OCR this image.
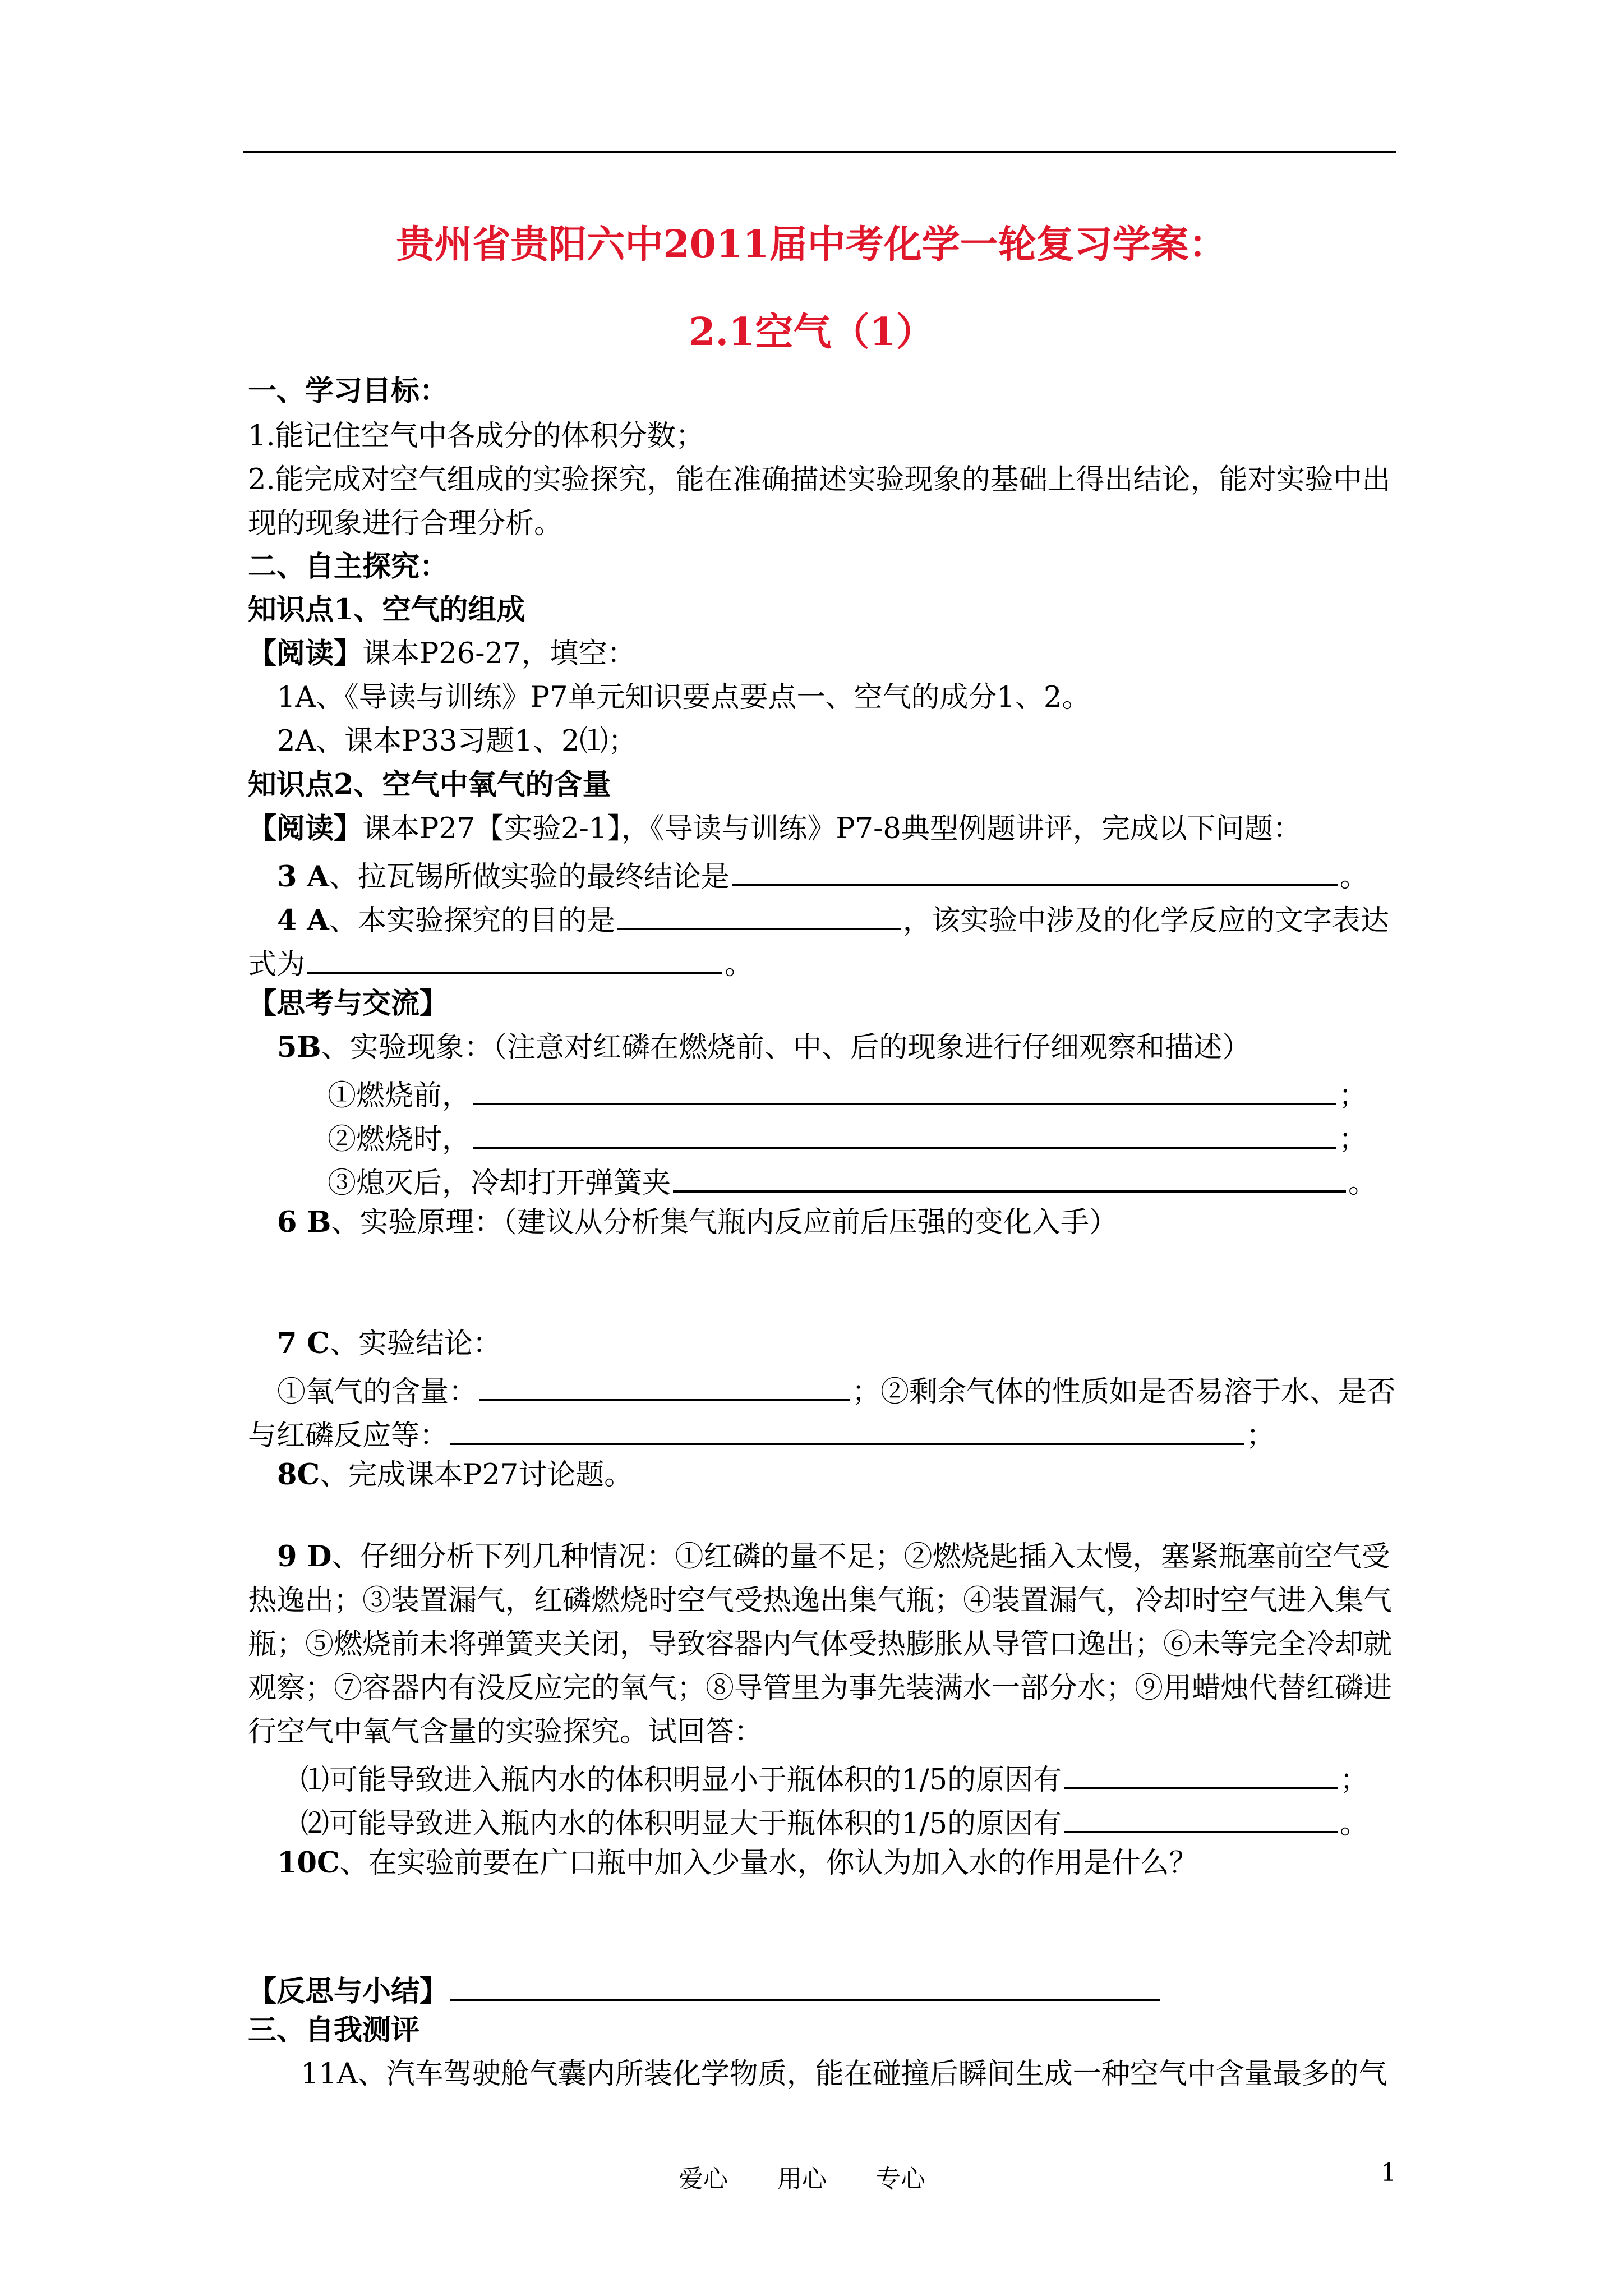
贵州省贵阳六中2011届中考化学一轮复习学案：
2.1空气（1）
一、学习目标：
1.能记住空气中各成分的体积分数；
2.能完成对空气组成的实验探究，能在准确描述实验现象的基础上得出结论，能对实验中出
现的现象进行合理分析。
二、自主探究：
知识点1、空气的组成
【阅读】课本P26-27，填空：
1A、《导读与训练》P7单元知识要点要点一、空气的成分1、2。
2A、课本P33习题1、2⑴；
知识点2、空气中氧气的含量
【阅读】课本P27【实验2-1】，《导读与训练》P7-8典型例题讲评，完成以下问题：
3 A、拉瓦锡所做实验的最终结论是	。
4 A、本实验探究的目的是	，该实验中涉及的化学反应的文字表达
式为	。
【思考与交流】
5B、实验现象：（注意对红磷在燃烧前、中、后的现象进行仔细观察和描述）
①燃烧前，	；
②燃烧时，	；
③熄灭后，冷却打开弹簧夹	。
6 B、实验原理：（建议从分析集气瓶内反应前后压强的变化入手）
7 C、实验结论：
①氧气的含量：	；②剩余气体的性质如是否易溶于水、是否
与红磷反应等：	；
8C、完成课本P27讨论题。
9 D、仔细分析下列几种情况：①红磷的量不足；②燃烧匙插入太慢，塞紧瓶塞前空气受
热逸出；③装置漏气，红磷燃烧时空气受热逸出集气瓶；④装置漏气，冷却时空气进入集气
瓶；⑤燃烧前未将弹簧夹关闭，导致容器内气体受热膨胀从导管口逸出；⑥未等完全冷却就
观察；⑦容器内有没反应完的氧气；⑧导管里为事先装满水一部分水；⑨用蜡烛代替红磷进
行空气中氧气含量的实验探究。试回答：
⑴可能导致进入瓶内水的体积明显小于瓶体积的1/5的原因有	；
⑵可能导致进入瓶内水的体积明显大于瓶体积的1/5的原因有	。
10C、在实验前要在广口瓶中加入少量水，你认为加入水的作用是什么？
【反思与小结】
三、自我测评
11A、汽车驾驶舱气囊内所装化学物质，能在碰撞后瞬间生成一种空气中含量最多的气
爱心　　用心　　专心	1
